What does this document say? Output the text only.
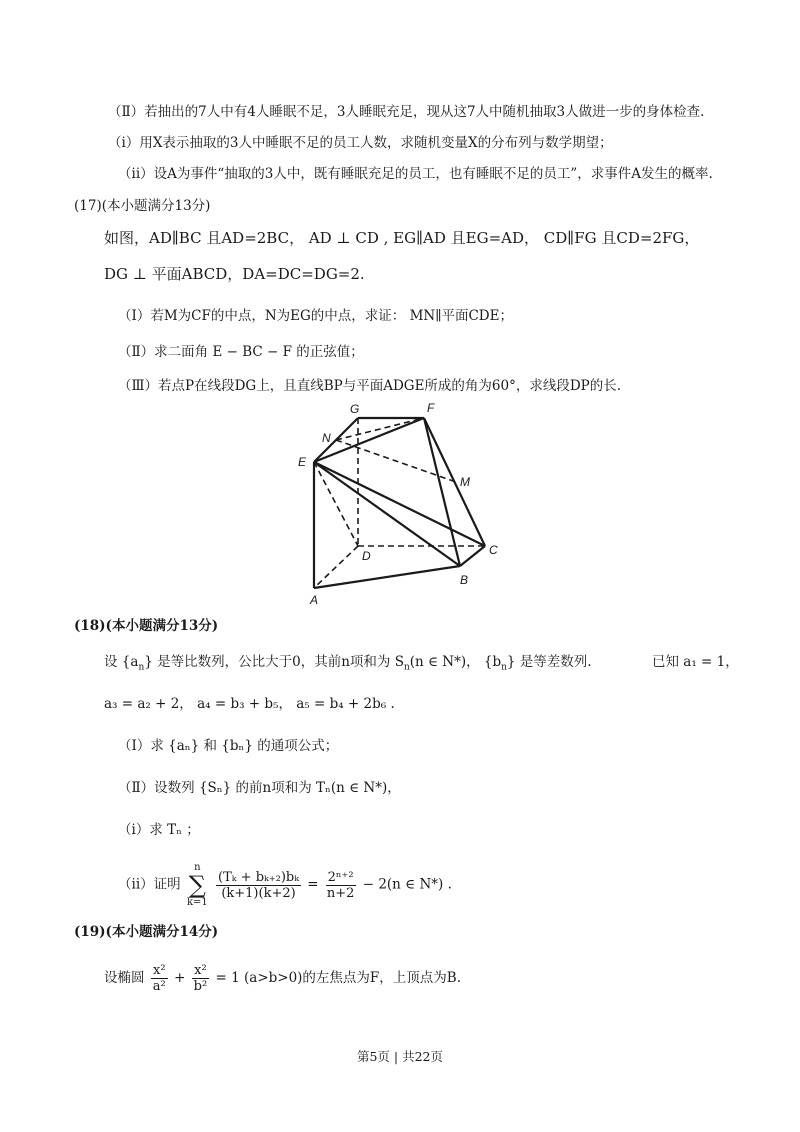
（Ⅱ）若抽出的7人中有4人睡眠不足，3人睡眠充足，现从这7人中随机抽取3人做进一步的身体检查.
（i）用X表示抽取的3人中睡眠不足的员工人数，求随机变量X的分布列与数学期望；
（ii）设A为事件“抽取的3人中，既有睡眠充足的员工，也有睡眠不足的员工”，求事件A发生的概率.
(17)(本小题满分13分)
如图，AD∥BC 且AD=2BC， AD ⊥ CD , EG∥AD 且EG=AD， CD∥FG 且CD=2FG，
DG ⊥ 平面ABCD，DA=DC=DG=2.
（Ⅰ）若M为CF的中点，N为EG的中点，求证： MN∥平面CDE；
（Ⅱ）求二面角 E − BC − F 的正弦值；
（Ⅲ）若点P在线段DG上，且直线BP与平面ADGE所成的角为60°，求线段DP的长.
G	F
N
E
M
D	C
B
A
(18)(本小题满分13分)
设 $\{a_n\}$ 是等比数列，公比大于0，其前n项和为 $S_n(n$ ∈ N*)， $\{b_n\}$ 是等差数列.	已知 a₁ = 1，
a₃ = a₂ + 2， a₄ = b₃ + b₅， a₅ = b₄ + 2b₆ .
（Ⅰ）求 {aₙ} 和 {bₙ} 的通项公式；
（Ⅱ）设数列 {Sₙ} 的前n项和为 Tₙ(n ∈ N*)，
（i）求 Tₙ ；
（ii）证明
n
∑
k=1

$\frac{\text{(Tₖ + bₖ₊₂)bₖ}}{(k+1)(k+2)} = \frac{\text{2ⁿ⁺²}}{n+2} - 2(n$ ∈ N*) .
(19)(本小题满分14分)
设椭圆 $\frac{\text{x²}}{\text{a²}} + \frac{\text{x²}}{\text{b²}} = 1$ (a>b>0)的左焦点为F，上顶点为B.
第5页 | 共22页
